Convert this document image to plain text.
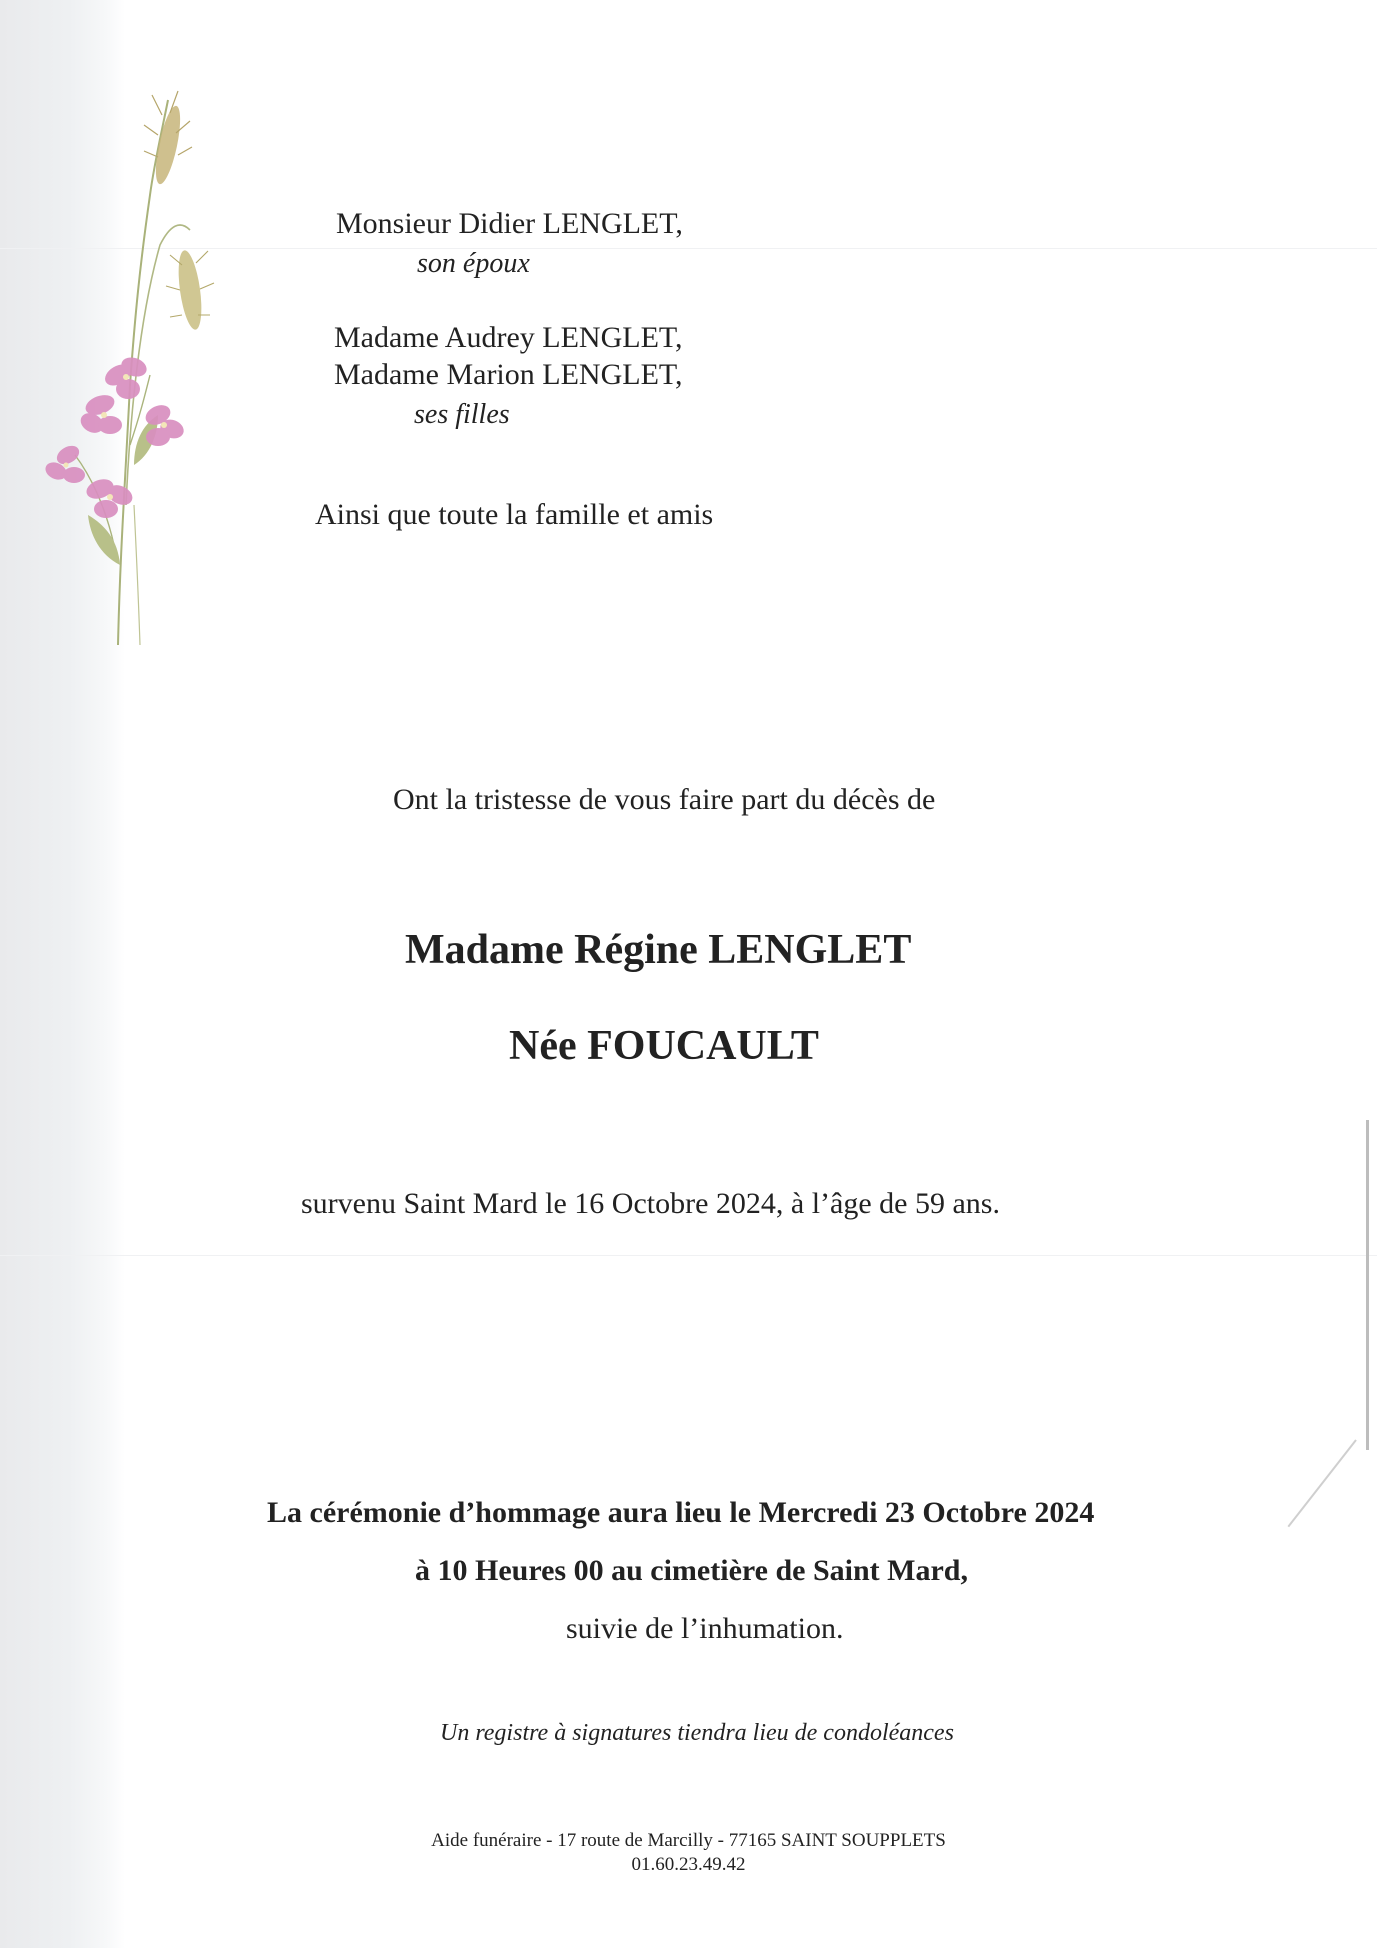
Monsieur Didier LENGLET,
son époux
Madame Audrey LENGLET,
Madame Marion LENGLET,
ses filles
Ainsi que toute la famille et amis
Ont la tristesse de vous faire part du décès de
Madame Régine LENGLET
Née FOUCAULT
survenu Saint Mard le 16 Octobre 2024, à l’âge de 59 ans.
La cérémonie d’hommage aura lieu le Mercredi 23 Octobre 2024
à 10 Heures 00 au cimetière de Saint Mard,
suivie de l’inhumation.
Un registre à signatures tiendra lieu de condoléances
Aide funéraire - 17 route de Marcilly - 77165 SAINT SOUPPLETS
01.60.23.49.42
